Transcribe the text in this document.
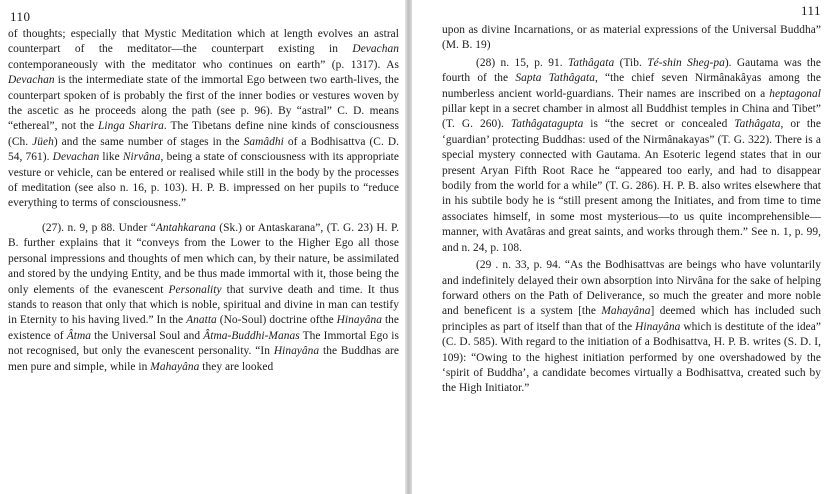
110

of thoughts; especially that Mystic Meditation which at length evolves an astral counterpart of the meditator—the counterpart existing in Devachan contemporaneously with the meditator who continues on earth” (p. 1317). As Devachan is the intermediate state of the immortal Ego between two earth-lives, the counterpart spoken of is probably the first of the inner bodies or vestures woven by the ascetic as he proceeds along the path (see p. 96). By “astral” C. D. means “ethereal”, not the Linga Sharira. The Tibetans define nine kinds of consciousness (Ch. Jüeh) and the same number of stages in the Samâdhi of a Bodhisattva (C. D. 54, 761). Devachan like Nirvâna, being a state of consciousness with its appropriate vesture or vehicle, can be entered or realised while still in the body by the processes of meditation (see also n. 16, p. 103). H. P. B. impressed on her pupils to “reduce everything to terms of consciousness.”

(27). n. 9, p 88. Under “Antahkarana (Sk.) or Antaskarana”, (T. G. 23) H. P. B. further explains that it “conveys from the Lower to the Higher Ego all those personal impressions and thoughts of men which can, by their nature, be assimilated and stored by the undying Entity, and be thus made immortal with it, those being the only elements of the evanescent Personality that survive death and time. It thus stands to reason that only that which is noble, spiritual and divine in man can testify in Eternity to his having lived.” In the Anatta (No-Soul) doctrine ofthe Hinayâna the existence of Âtma the Universal Soul and Âtma-Buddhi-Manas The Immortal Ego is not recognised, but only the evanescent personality. “In Hinayâna the Buddhas are men pure and simple, while in Mahayâna they are looked

111

upon as divine Incarnations, or as material expressions of the Universal Buddha” (M. B. 19)

(28) n. 15, p. 91. Tathâgata (Tib. Té-shin Sheg-pa). Gautama was the fourth of the Sapta Tathâgata, “the chief seven Nirmânakâyas among the numberless ancient world-guardians. Their names are inscribed on a heptagonal pillar kept in a secret chamber in almost all Buddhist temples in China and Tibet” (T. G. 260). Tathâgatagupta is “the secret or concealed Tathâgata, or the ‘guardian’ protecting Buddhas: used of the Nirmânakayas” (T. G. 322). There is a special mystery connected with Gautama. An Esoteric legend states that in our present Aryan Fifth Root Race he “appeared too early, and had to disappear bodily from the world for a while” (T. G. 286). H. P. B. also writes elsewhere that in his subtile body he is “still present among the Initiates, and from time to time associates himself, in some most mysterious—to us quite incomprehensible—manner, with Avatâras and great saints, and works through them.” See n. 1, p. 99, and n. 24, p. 108.

(29 . n. 33, p. 94. “As the Bodhisattvas are beings who have voluntarily and indefinitely delayed their own absorption into Nirvâna for the sake of helping forward others on the Path of Deliverance, so much the greater and more noble and beneficent is a system [the Mahayâna] deemed which has included such principles as part of itself than that of the Hinayâna which is destitute of the idea” (C. D. 585). With regard to the initiation of a Bodhisattva, H. P. B. writes (S. D. I, 109): “Owing to the highest initiation performed by one overshadowed by the ‘spirit of Buddha’, a candidate becomes virtually a Bodhisattva, created such by the High Initiator.”
